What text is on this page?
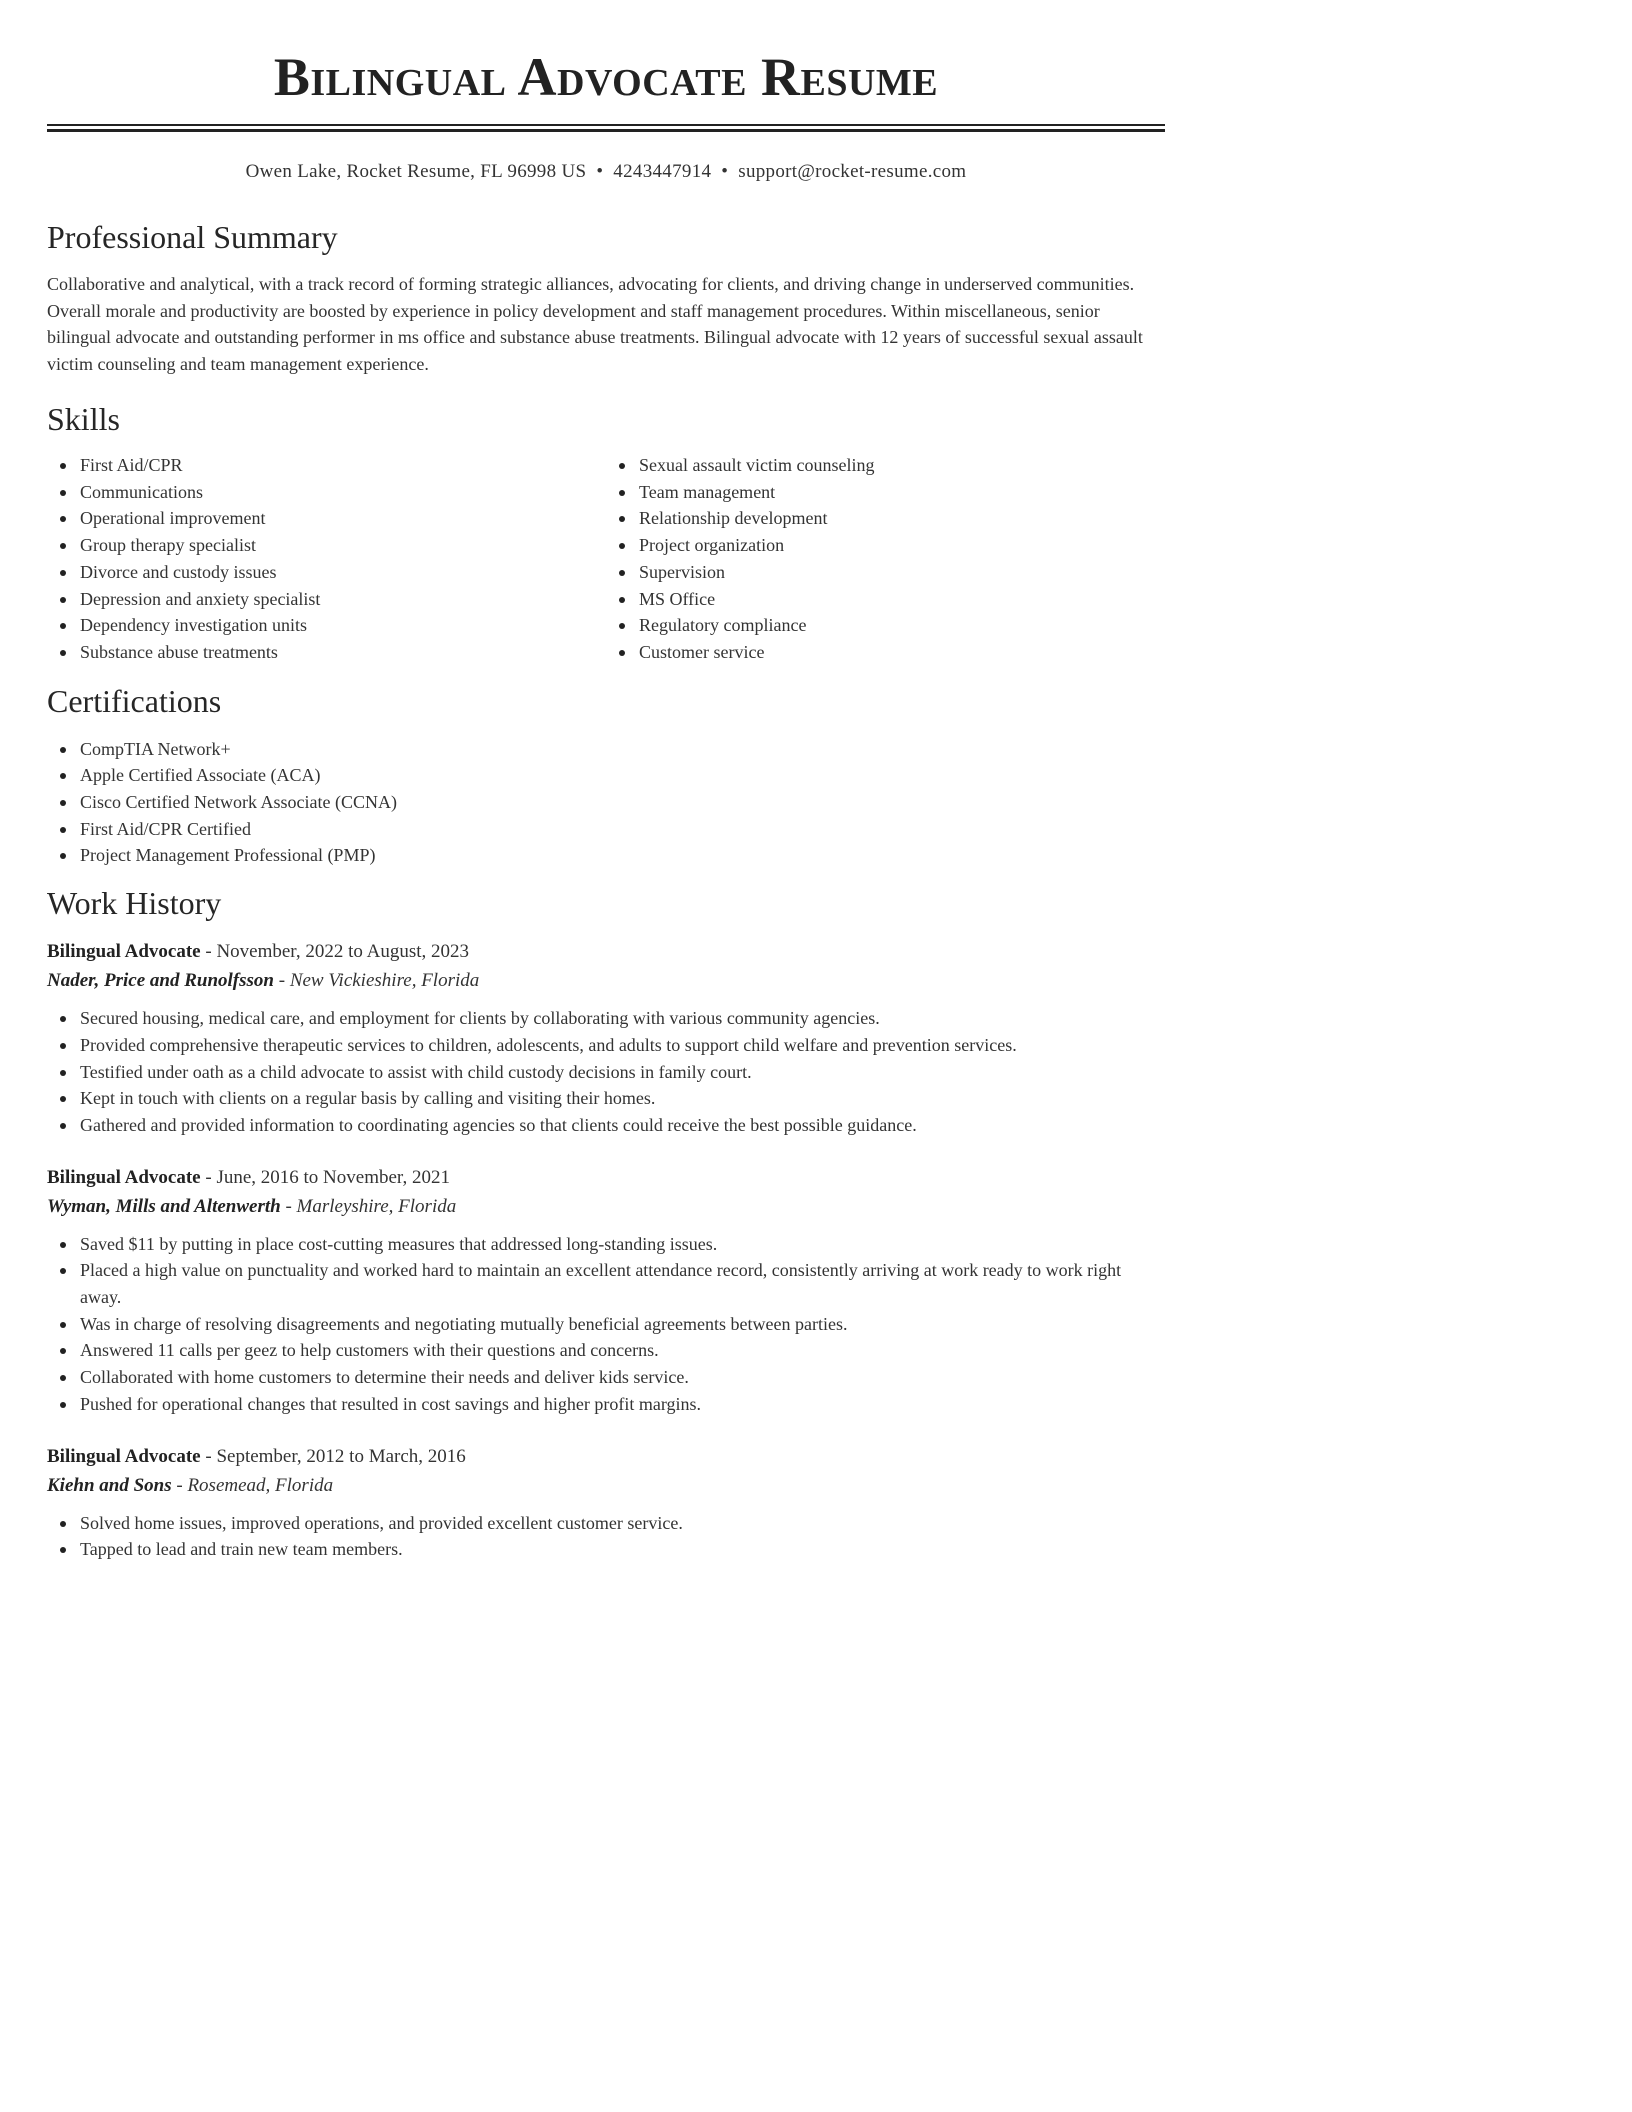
Bilingual Advocate Resume
Owen Lake, Rocket Resume, FL 96998 US • 4243447914 • support@rocket-resume.com
Professional Summary
Collaborative and analytical, with a track record of forming strategic alliances, advocating for clients, and driving change in underserved communities. Overall morale and productivity are boosted by experience in policy development and staff management procedures. Within miscellaneous, senior bilingual advocate and outstanding performer in ms office and substance abuse treatments. Bilingual advocate with 12 years of successful sexual assault victim counseling and team management experience.
Skills
First Aid/CPR
Communications
Operational improvement
Group therapy specialist
Divorce and custody issues
Depression and anxiety specialist
Dependency investigation units
Substance abuse treatments
Sexual assault victim counseling
Team management
Relationship development
Project organization
Supervision
MS Office
Regulatory compliance
Customer service
Certifications
CompTIA Network+
Apple Certified Associate (ACA)
Cisco Certified Network Associate (CCNA)
First Aid/CPR Certified
Project Management Professional (PMP)
Work History
Bilingual Advocate - November, 2022 to August, 2023
Nader, Price and Runolfsson - New Vickieshire, Florida
Secured housing, medical care, and employment for clients by collaborating with various community agencies.
Provided comprehensive therapeutic services to children, adolescents, and adults to support child welfare and prevention services.
Testified under oath as a child advocate to assist with child custody decisions in family court.
Kept in touch with clients on a regular basis by calling and visiting their homes.
Gathered and provided information to coordinating agencies so that clients could receive the best possible guidance.
Bilingual Advocate - June, 2016 to November, 2021
Wyman, Mills and Altenwerth - Marleyshire, Florida
Saved $11 by putting in place cost-cutting measures that addressed long-standing issues.
Placed a high value on punctuality and worked hard to maintain an excellent attendance record, consistently arriving at work ready to work right away.
Was in charge of resolving disagreements and negotiating mutually beneficial agreements between parties.
Answered 11 calls per geez to help customers with their questions and concerns.
Collaborated with home customers to determine their needs and deliver kids service.
Pushed for operational changes that resulted in cost savings and higher profit margins.
Bilingual Advocate - September, 2012 to March, 2016
Kiehn and Sons - Rosemead, Florida
Solved home issues, improved operations, and provided excellent customer service.
Tapped to lead and train new team members.
